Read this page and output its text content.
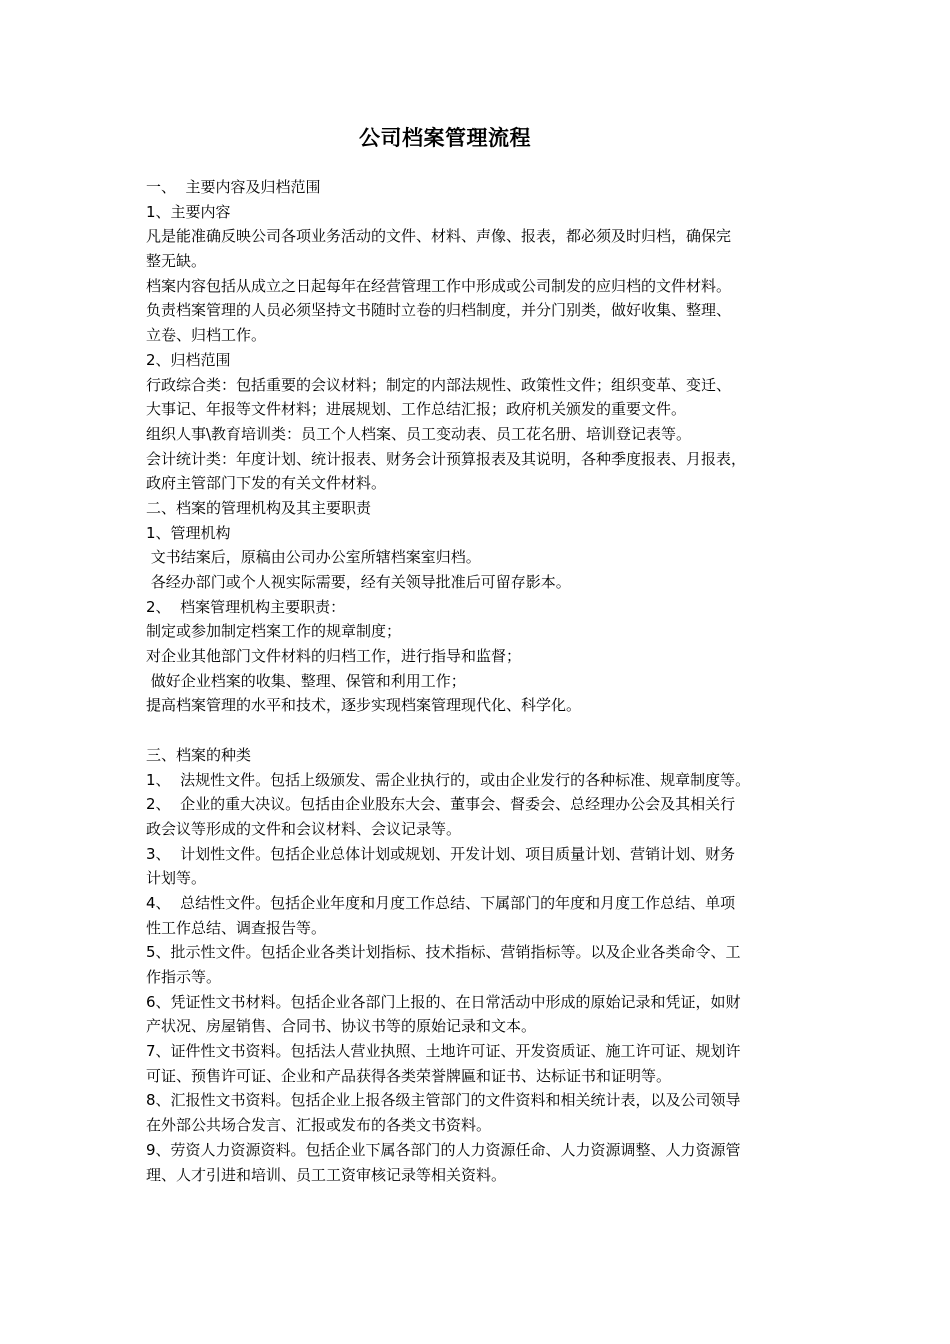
公司档案管理流程
一、  主要内容及归档范围
1、主要内容
凡是能准确反映公司各项业务活动的文件、材料、声像、报表，都必须及时归档，确保完
整无缺。
档案内容包括从成立之日起每年在经营管理工作中形成或公司制发的应归档的文件材料。
负责档案管理的人员必须坚持文书随时立卷的归档制度，并分门别类，做好收集、整理、
立卷、归档工作。
2、归档范围
行政综合类：包括重要的会议材料；制定的内部法规性、政策性文件；组织变革、变迁、
大事记、年报等文件材料；进展规划、工作总结汇报；政府机关颁发的重要文件。
组织人事\教育培训类：员工个人档案、员工变动表、员工花名册、培训登记表等。
会计统计类：年度计划、统计报表、财务会计预算报表及其说明，各种季度报表、月报表，
政府主管部门下发的有关文件材料。
二、档案的管理机构及其主要职责
1、管理机构
文书结案后，原稿由公司办公室所辖档案室归档。
各经办部门或个人视实际需要，经有关领导批准后可留存影本。
2、  档案管理机构主要职责：
制定或参加制定档案工作的规章制度；
对企业其他部门文件材料的归档工作，进行指导和监督；
做好企业档案的收集、整理、保管和利用工作；
提高档案管理的水平和技术，逐步实现档案管理现代化、科学化。
三、档案的种类
1、  法规性文件。包括上级颁发、需企业执行的，或由企业发行的各种标准、规章制度等。
2、  企业的重大决议。包括由企业股东大会、董事会、督委会、总经理办公会及其相关行
政会议等形成的文件和会议材料、会议记录等。
3、  计划性文件。包括企业总体计划或规划、开发计划、项目质量计划、营销计划、财务
计划等。
4、  总结性文件。包括企业年度和月度工作总结、下属部门的年度和月度工作总结、单项
性工作总结、调查报告等。
5、批示性文件。包括企业各类计划指标、技术指标、营销指标等。以及企业各类命令、工
作指示等。
6、凭证性文书材料。包括企业各部门上报的、在日常活动中形成的原始记录和凭证，如财
产状况、房屋销售、合同书、协议书等的原始记录和文本。
7、证件性文书资料。包括法人营业执照、土地许可证、开发资质证、施工许可证、规划许
可证、预售许可证、企业和产品获得各类荣誉牌匾和证书、达标证书和证明等。
8、汇报性文书资料。包括企业上报各级主管部门的文件资料和相关统计表，以及公司领导
在外部公共场合发言、汇报或发布的各类文书资料。
9、劳资人力资源资料。包括企业下属各部门的人力资源任命、人力资源调整、人力资源管
理、人才引进和培训、员工工资审核记录等相关资料。
